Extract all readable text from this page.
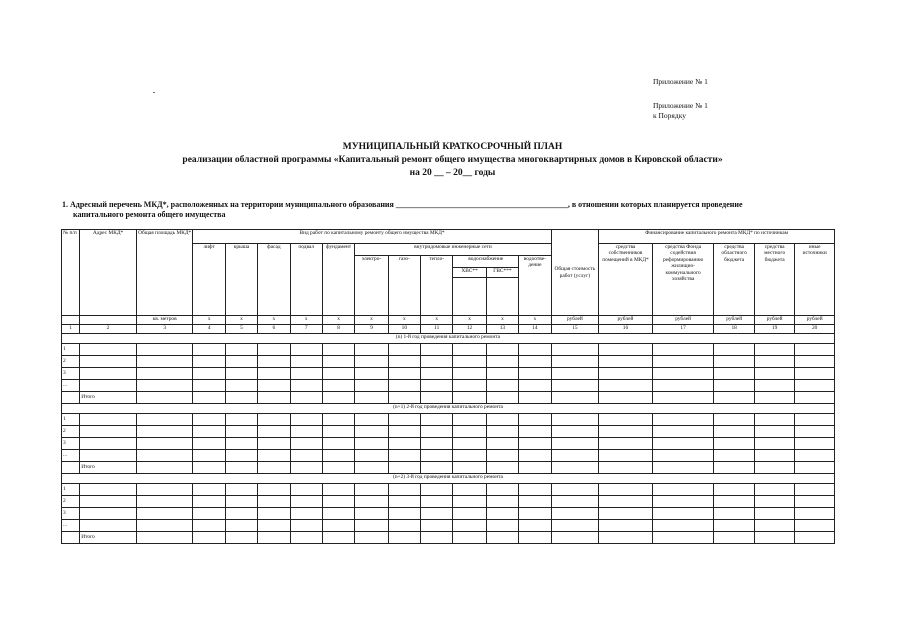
Приложение № 1
Приложение № 1
к Порядку
МУНИЦИПАЛЬНЫЙ КРАТКОСРОЧНЫЙ ПЛАН
реализации областной программы «Капитальный ремонт общего имущества многоквартирных домов в Кировской области»
на 20 __ – 20__ годы
1. Адресный перечень МКД*, расположенных на территории муниципального образования ___________________________________________, в отношении которых планируется проведение
капитального ремонта общего имущества
№ п/п	Адрес МКД*	Общая площадь МКД*	Вид работ по капитальному ремонту общего имущества МКД*											Общая стоимость работ (услуг)	Финансирование капитального ремонта МКД* по источникам				
			лифт	крыша	фасад	подвал	фундамент	внутридомовые инженерные сети							средства собственников помещений в МКД*	средства Фонда содействия реформированию жилищно-коммунального хозяйства	средства областного бюджета	средства местного бюджета	иные источники
								электро-	газо-	тепло-	водоснабжение		водоотве-дение						
											ХВС**	ГВС***							

		кв. метров	х	х	х	х	х	х	х	х	х	х	х	рублей	рублей	рублей	рублей	рублей	рублей
1	2	3	4	5	6	7	8	9	10	11	12	13	14	15	16	17	18	19	20
(n) 1-й год проведения капитального ремонта																			
1																			
2																			
3																			
...																			
	Итого																		
(n+1) 2-й год проведения капитального ремонта																			
1																			
2																			
3																			
...																			
	Итого																		
(n+2) 3-й год проведения капитального ремонта																			
1																			
2																			
3																			
...																			
	Итого																		
